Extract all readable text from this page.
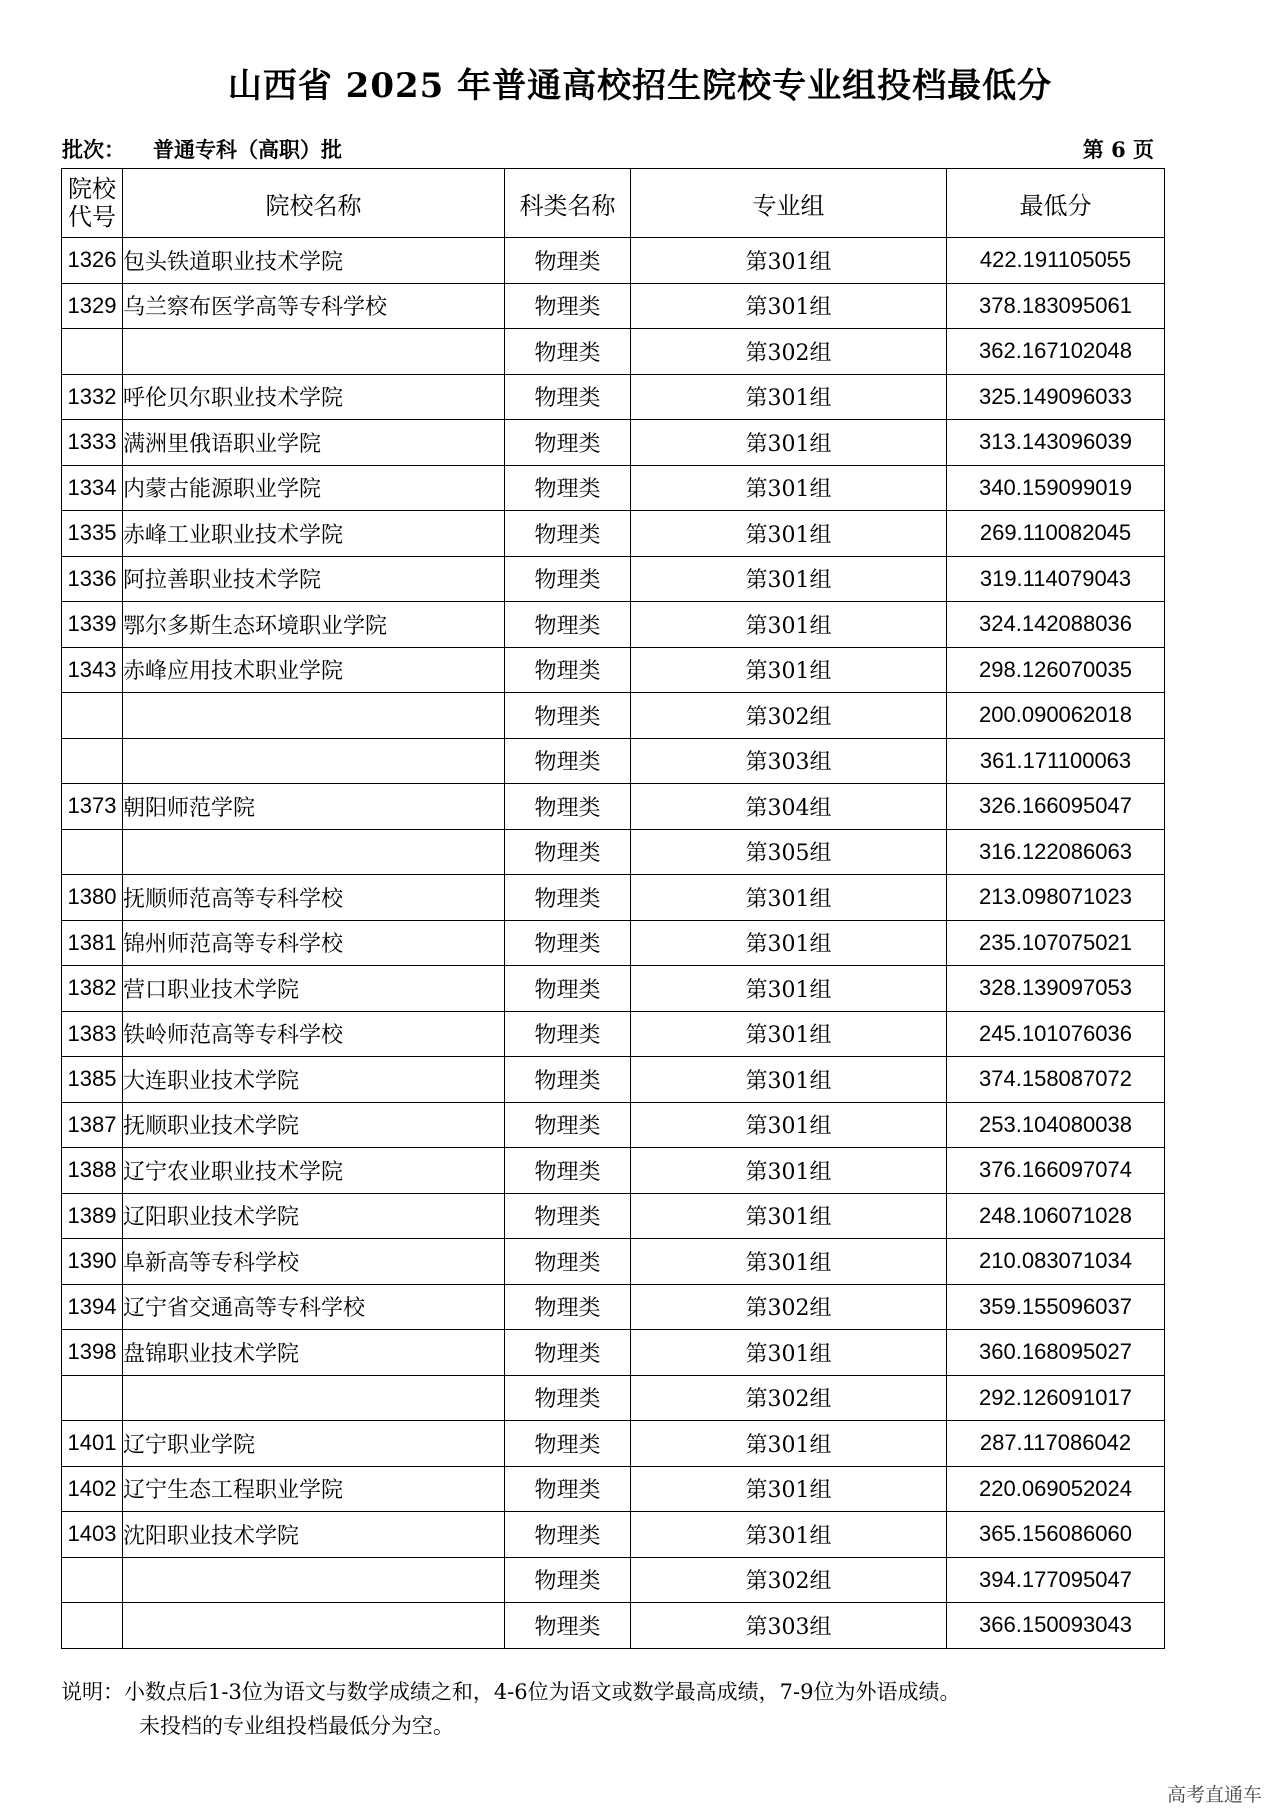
山西省 2025 年普通高校招生院校专业组投档最低分
批次： 普通专科（高职）批	第 6 页
院校
代号	院校名称	科类名称	专业组	最低分
1326	包头铁道职业技术学院	物理类	第301组	422.191105055
1329	乌兰察布医学高等专科学校	物理类	第301组	378.183095061
		物理类	第302组	362.167102048
1332	呼伦贝尔职业技术学院	物理类	第301组	325.149096033
1333	满洲里俄语职业学院	物理类	第301组	313.143096039
1334	内蒙古能源职业学院	物理类	第301组	340.159099019
1335	赤峰工业职业技术学院	物理类	第301组	269.110082045
1336	阿拉善职业技术学院	物理类	第301组	319.114079043
1339	鄂尔多斯生态环境职业学院	物理类	第301组	324.142088036
1343	赤峰应用技术职业学院	物理类	第301组	298.126070035
		物理类	第302组	200.090062018
		物理类	第303组	361.171100063
1373	朝阳师范学院	物理类	第304组	326.166095047
		物理类	第305组	316.122086063
1380	抚顺师范高等专科学校	物理类	第301组	213.098071023
1381	锦州师范高等专科学校	物理类	第301组	235.107075021
1382	营口职业技术学院	物理类	第301组	328.139097053
1383	铁岭师范高等专科学校	物理类	第301组	245.101076036
1385	大连职业技术学院	物理类	第301组	374.158087072
1387	抚顺职业技术学院	物理类	第301组	253.104080038
1388	辽宁农业职业技术学院	物理类	第301组	376.166097074
1389	辽阳职业技术学院	物理类	第301组	248.106071028
1390	阜新高等专科学校	物理类	第301组	210.083071034
1394	辽宁省交通高等专科学校	物理类	第302组	359.155096037
1398	盘锦职业技术学院	物理类	第301组	360.168095027
		物理类	第302组	292.126091017
1401	辽宁职业学院	物理类	第301组	287.117086042
1402	辽宁生态工程职业学院	物理类	第301组	220.069052024
1403	沈阳职业技术学院	物理类	第301组	365.156086060
		物理类	第302组	394.177095047
		物理类	第303组	366.150093043
说明：小数点后1-3位为语文与数学成绩之和，4-6位为语文或数学最高成绩，7-9位为外语成绩。
未投档的专业组投档最低分为空。
高考直通车
